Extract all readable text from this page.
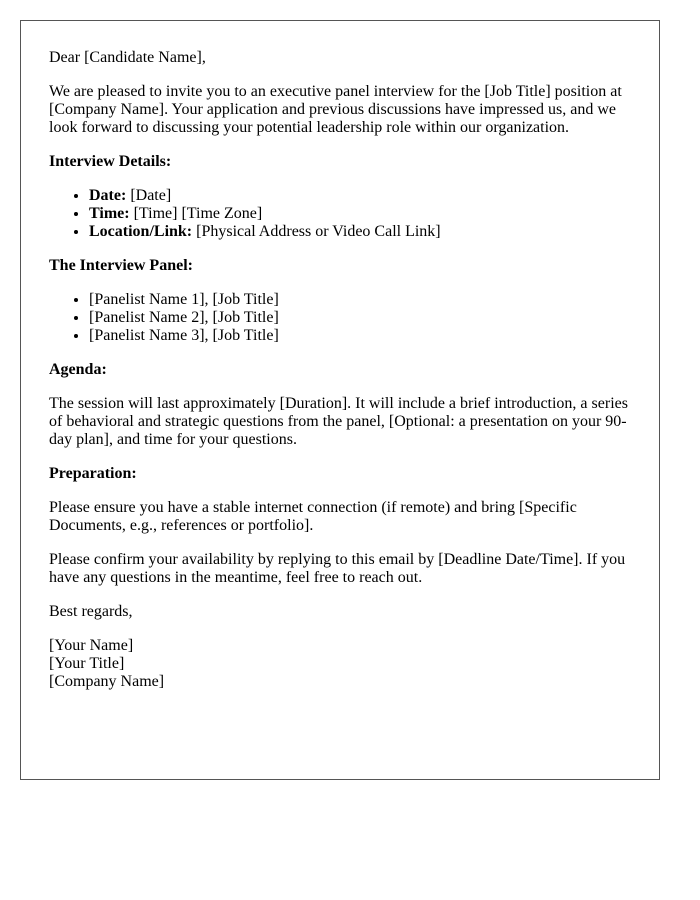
Dear [Candidate Name],

We are pleased to invite you to an executive panel interview for the [Job Title] position at [Company Name]. Your application and previous discussions have impressed us, and we look forward to discussing your potential leadership role within our organization.

Interview Details:

• Date: [Date]
• Time: [Time] [Time Zone]
• Location/Link: [Physical Address or Video Call Link]

The Interview Panel:

• [Panelist Name 1], [Job Title]
• [Panelist Name 2], [Job Title]
• [Panelist Name 3], [Job Title]

Agenda:

The session will last approximately [Duration]. It will include a brief introduction, a series of behavioral and strategic questions from the panel, [Optional: a presentation on your 90-day plan], and time for your questions.

Preparation:

Please ensure you have a stable internet connection (if remote) and bring [Specific Documents, e.g., references or portfolio].

Please confirm your availability by replying to this email by [Deadline Date/Time]. If you have any questions in the meantime, feel free to reach out.

Best regards,

[Your Name]

[Your Title]

[Company Name]
